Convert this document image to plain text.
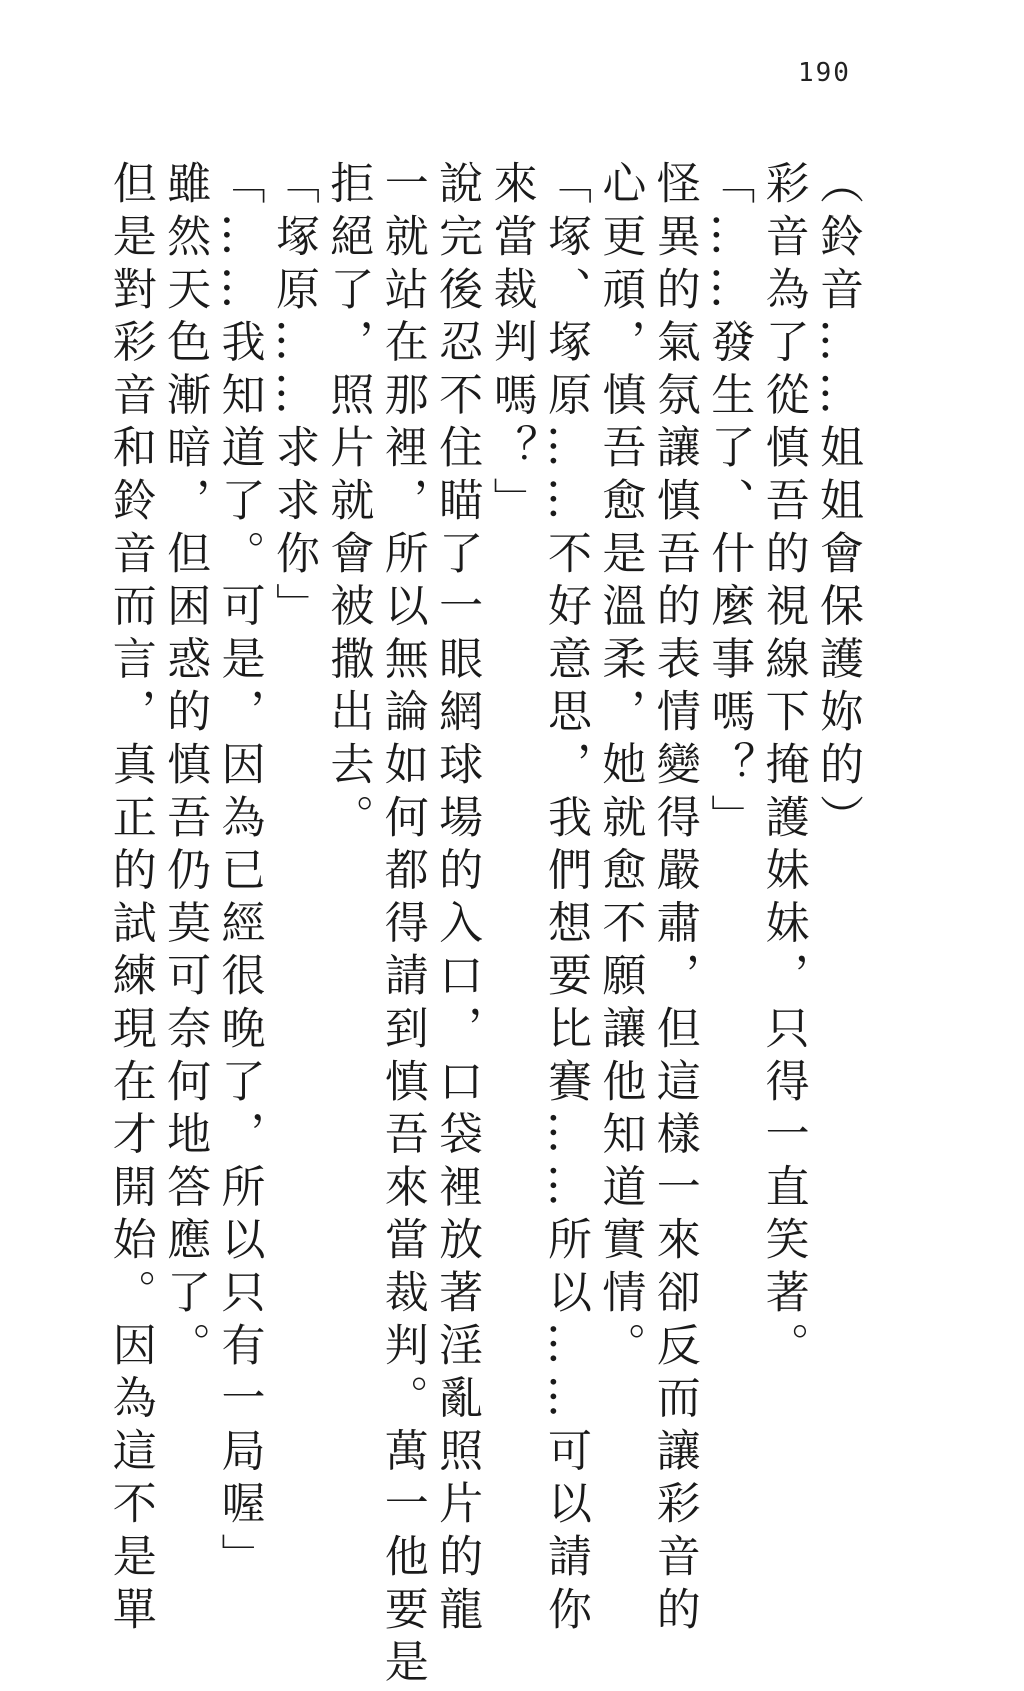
190
（鈴音……姐姐會保護妳的）
彩音為了從慎吾的視線下掩護妹妹，只得一直笑著。
「……發生了、什麼事嗎？」
怪異的氣氛讓慎吾的表情變得嚴肅，但這樣一來卻反而讓彩音的
心更頑，慎吾愈是溫柔，她就愈不願讓他知道實情。
「塚、塚原……不好意思，我們想要比賽……所以……可以請你
來當裁判嗎？」
說完後忍不住瞄了一眼網球場的入口，口袋裡放著淫亂照片的龍
一就站在那裡，所以無論如何都得請到慎吾來當裁判。萬一他要是
拒絕了，照片就會被撒出去。
「塚原……求求你」
「……我知道了。可是，因為已經很晚了，所以只有一局喔」
雖然天色漸暗，但困惑的慎吾仍莫可奈何地答應了。
但是對彩音和鈴音而言，真正的試練現在才開始。因為這不是單
